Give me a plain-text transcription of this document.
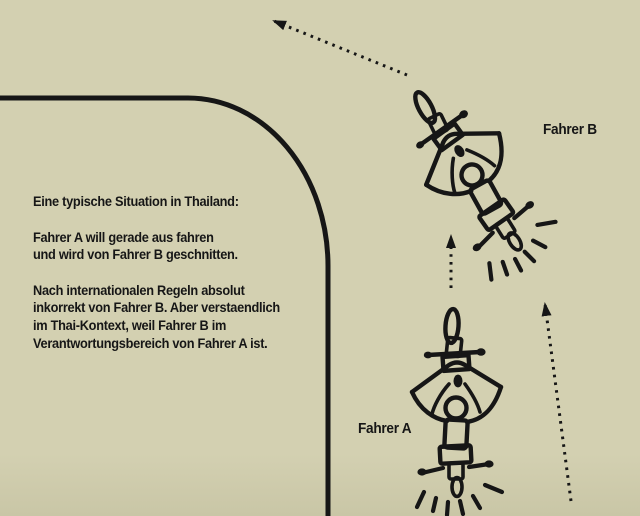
Eine typische Situation in Thailand:

Fahrer A will gerade aus fahren
und wird von Fahrer B geschnitten.

Nach internationalen Regeln absolut
inkorrekt von Fahrer B. Aber verstaendlich
im Thai-Kontext, weil Fahrer B im
Verantwortungsbereich von Fahrer A ist.

Fahrer B
Fahrer A
